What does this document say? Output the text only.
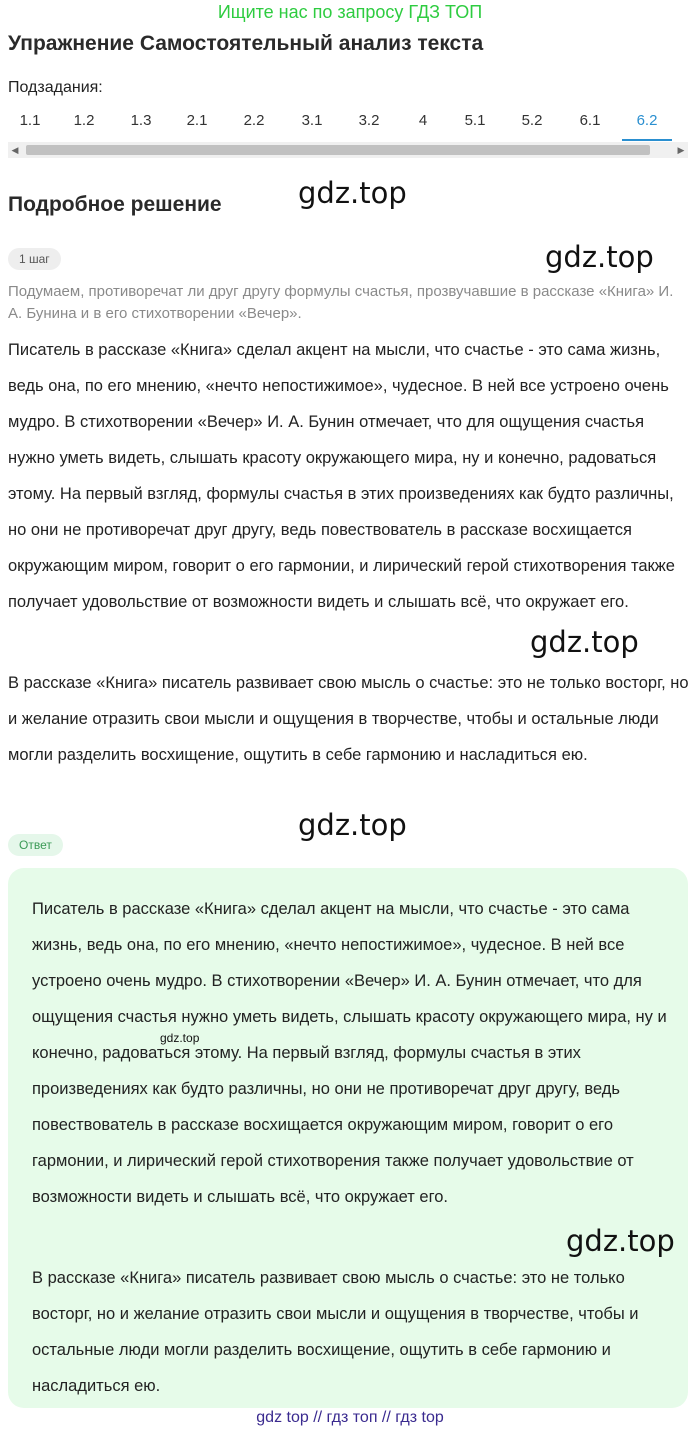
Ищите нас по запросу ГДЗ ТОП
Упражнение Самостоятельный анализ текста
Подзадания:
1.1	1.2	1.3	2.1	2.2	3.1	3.2	4	5.1	5.2	6.1	6.2
◀	▶
Подробное решение	gdz.top
1 шаг	gdz.top
Подумаем, противоречат ли друг другу формулы счастья, прозвучавшие в рассказе «Книга» И. А. Бунина и в его стихотворении «Вечер».
Писатель в рассказе «Книга» сделал акцент на мысли, что счастье - это сама жизнь, ведь она, по его мнению, «нечто непостижимое», чудесное. В ней все устроено очень мудро. В стихотворении «Вечер» И. А. Бунин отмечает, что для ощущения счастья нужно уметь видеть, слышать красоту окружающего мира, ну и конечно, радоваться этому. На первый взгляд, формулы счастья в этих произведениях как будто различны, но они не противоречат друг другу, ведь повествователь в рассказе восхищается окружающим миром, говорит о его гармонии, и лирический герой стихотворения также получает удовольствие от возможности видеть и слышать всё, что окружает его.
gdz.top
В рассказе «Книга» писатель развивает свою мысль о счастье: это не только восторг, но и желание отразить свои мысли и ощущения в творчестве, чтобы и остальные люди могли разделить восхищение, ощутить в себе гармонию и насладиться ею.
gdz.top
Ответ
Писатель в рассказе «Книга» сделал акцент на мысли, что счастье - это сама жизнь, ведь она, по его мнению, «нечто непостижимое», чудесное. В ней все устроено очень мудро. В стихотворении «Вечер» И. А. Бунин отмечает, что для ощущения счастья нужно уметь видеть, слышать красоту окружающего мира, ну и конечно, радоваться этому. На первый взгляд, формулы счастья в этих произведениях как будто различны, но они не противоречат друг другу, ведь повествователь в рассказе восхищается окружающим миром, говорит о его гармонии, и лирический герой стихотворения также получает удовольствие от возможности видеть и слышать всё, что окружает его.
gdz.top
gdz.top
В рассказе «Книга» писатель развивает свою мысль о счастье: это не только восторг, но и желание отразить свои мысли и ощущения в творчестве, чтобы и остальные люди могли разделить восхищение, ощутить в себе гармонию и насладиться ею.
gdz top // гдз топ // гдз top
